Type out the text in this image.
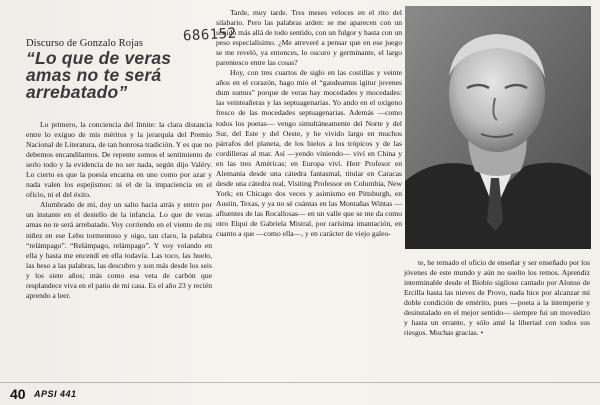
Discurso de Gonzalo Rojas	686152
“Lo que de veras amas no te será arrebatado”

Lo primero, la conciencia del límite: la clara distancia entre lo exiguo de mis méritos y la jerarquía del Premio Nacional de Literatura, de tan honrosa tradición. Y es que no debemos encandilarnos. De repente somos el sentimiento de serlo todo y la evidencia de no ser nada, según dijo Valéry. Lo cierto es que la poesía encarna en uno como por azar y nada valen los espejismos: ni el de la impaciencia en el oficio, ni el del éxito.

Alumbrado de mí, doy un salto hacia atrás y entro por un instante en el destello de la infancia. Lo que de veras amas no te será arrebatado. Voy corriendo en el viento de mi niñez en ese Lebu tormentoso y oigo, tan claro, la palabra “relámpago”. “Relámpago, relámpago”. Y voy volando en ella y hasta me encendí en ella todavía. Las toco, las huelo, las beso a las palabras, las descubro y son más desde los seis y los siete años; más como esa veta de carbón que resplandece viva en el patio de mi casa. Es el año 23 y recién aprendo a leer.

Tarde, muy tarde. Tres meses veloces en el rito del silabario. Pero las palabras arden: se me aparecen con un sonido más allá de todo sentido, con un fulgor y hasta con un peso especialísimo. ¿Me atreveré a pensar que en ese juego se me reveló, ya entonces, lo oscuro y germinante, el largo parentesco entre las cosas?

Hoy, con tres cuartos de siglo en las costillas y veinte años en el corazón, hago mío el “gaudeamus igitur juvenes dum sumus” porque de veras hay mocedades y mocedades: las veinteañeras y las septuagenarias. Yo ando en el oxígeno fresco de las mocedades septuagenarias. Además —como todos los poetas— vengo simultáneamente del Norte y del Sur, del Este y del Oeste, y he vivido largo en muchos párrafos del planeta, de los hielos a los trópicos y de las cordilleras al mar. Así —yendo viniendo— viví en China y en las tres Américas; en Europa viví. Herr Profesor en Alemania desde una cátedra fantasmal, titular en Caracas desde una cátedra real, Visiting Professor en Columbia, New York; en Chicago dos veces y asimismo en Pittsburgh, en Austin, Texas, y ya no sé cuántas en las Montañas Wintas —afluentes de las Rocallosas— en un valle que se me da como otro Elqui de Gabriela Mistral, por rarísima imantación, en cuanto a que —como ella—, y en carácter de viejo galeo-

te, he remado el oficio de enseñar y ser enseñado por los jóvenes de este mundo y aún no suelto los remos. Aprendiz interminable desde el Biobío sigiloso cantado por Alonso de Ercilla hasta las nieves de Provo, nada hice por alcanzar mi doble condición de emérito, pues —poeta a la intemperie y desinstalado en el mejor sentido— siempre fui un movedizo y hasta un errante, y sólo amé la libertad con todos sus riesgos. Muchas gracias. •

40 APSI 441
